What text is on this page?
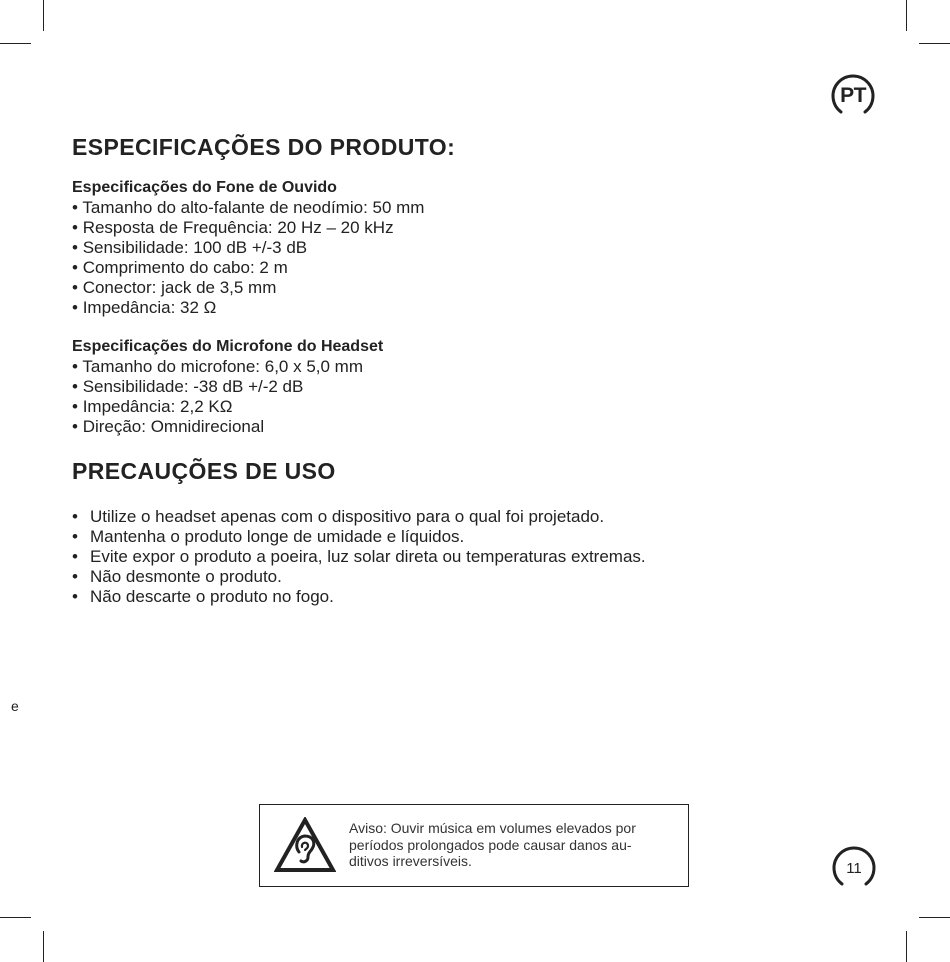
PT
ESPECIFICAÇÕES DO PRODUTO:
Especificações do Fone de Ouvido
• Tamanho do alto-falante de neodímio: 50 mm
• Resposta de Frequência: 20 Hz – 20 kHz
• Sensibilidade: 100 dB +/-3 dB
• Comprimento do cabo: 2 m
• Conector: jack de 3,5 mm
• Impedância: 32 Ω
Especificações do Microfone do Headset
• Tamanho do microfone: 6,0 x 5,0 mm
• Sensibilidade: -38 dB +/-2 dB
• Impedância: 2,2 KΩ
• Direção: Omnidirecional
PRECAUÇÕES DE USO
• Utilize o headset apenas com o dispositivo para o qual foi projetado.
• Mantenha o produto longe de umidade e líquidos.
• Evite expor o produto a poeira, luz solar direta ou temperaturas extremas.
• Não desmonte o produto.
• Não descarte o produto no fogo.
e
Aviso: Ouvir música em volumes elevados por
períodos prolongados pode causar danos au-
ditivos irreversíveis.	11
